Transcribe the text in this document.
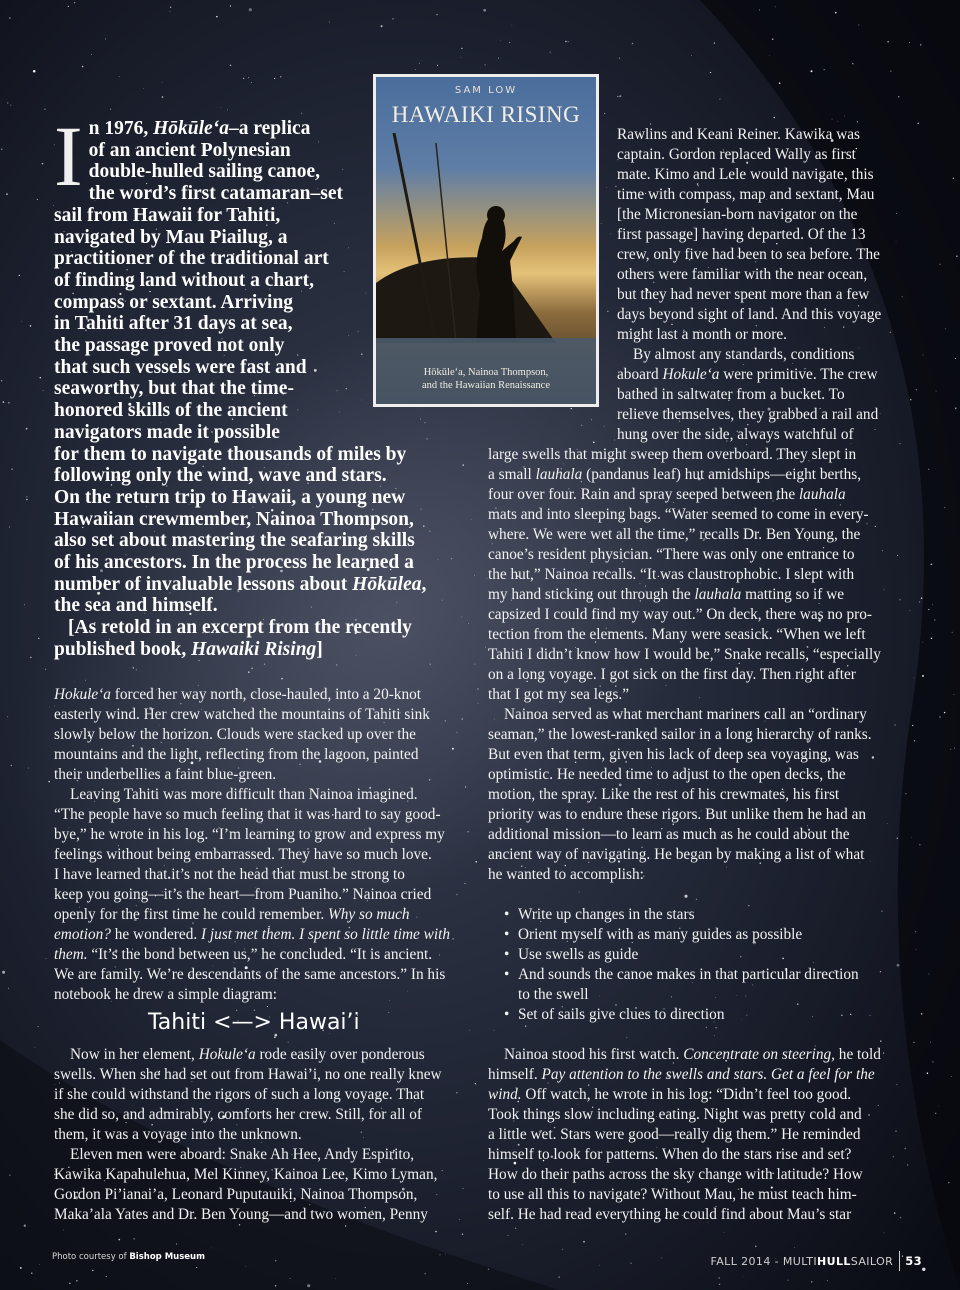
SAM LOW
HAWAIKI RISING
Hōkūle‘a, Nainoa Thompson,
and the Hawaiian Renaissance
I n 1976, Hōkūle‘a–a replica
of an ancient Polynesian
double-hulled sailing canoe,
the word’s first catamaran–set
sail from Hawaii for Tahiti,
navigated by Mau Piailug, a
practitioner of the traditional art
of finding land without a chart,
compass or sextant. Arriving
in Tahiti after 31 days at sea,
the passage proved not only
that such vessels were fast and
seaworthy, but that the time-
honored skills of the ancient
navigators made it possible
for them to navigate thousands of miles by
following only the wind, wave and stars.
On the return trip to Hawaii, a young new
Hawaiian crewmember, Nainoa Thompson,
also set about mastering the seafaring skills
of his ancestors. In the process he learned a
number of invaluable lessons about Hōkūlea,
the sea and himself.
[As retold in an excerpt from the recently
published book, Hawaiki Rising]
Hokule‘a forced her way north, close-hauled, into a 20-knot
easterly wind. Her crew watched the mountains of Tahiti sink
slowly below the horizon. Clouds were stacked up over the
mountains and the light, reflecting from the lagoon, painted
their underbellies a faint blue-green.
Leaving Tahiti was more difficult than Nainoa imagined.
“The people have so much feeling that it was hard to say good-
bye,” he wrote in his log. “I’m learning to grow and express my
feelings without being embarrassed. They have so much love.
I have learned that it’s not the head that must be strong to
keep you going—it’s the heart—from Puaniho.” Nainoa cried
openly for the first time he could remember. Why so much
emotion? he wondered. I just met them. I spent so little time with
them. “It’s the bond between us,” he concluded. “It is ancient.
We are family. We’re descendants of the same ancestors.” In his
notebook he drew a simple diagram:
Tahiti <—> Hawai’i
Now in her element, Hokule‘a rode easily over ponderous
swells. When she had set out from Hawai’i, no one really knew
if she could withstand the rigors of such a long voyage. That
she did so, and admirably, comforts her crew. Still, for all of
them, it was a voyage into the unknown.
Eleven men were aboard: Snake Ah Hee, Andy Espirito,
Kawika Kapahulehua, Mel Kinney, Kainoa Lee, Kimo Lyman,
Gordon Pi’ianai’a, Leonard Puputauiki, Nainoa Thompson,
Maka’ala Yates and Dr. Ben Young—and two women, Penny
Rawlins and Keani Reiner. Kawika was
captain. Gordon replaced Wally as first
mate. Kimo and Lele would navigate, this
time with compass, map and sextant, Mau
[the Micronesian-born navigator on the
first passage] having departed. Of the 13
crew, only five had been to sea before. The
others were familiar with the near ocean,
but they had never spent more than a few
days beyond sight of land. And this voyage
might last a month or more.
By almost any standards, conditions
aboard Hokule‘a were primitive. The crew
bathed in saltwater from a bucket. To
relieve themselves, they grabbed a rail and
hung over the side, always watchful of
large swells that might sweep them overboard. They slept in
a small lauhala (pandanus leaf) hut amidships—eight berths,
four over four. Rain and spray seeped between the lauhala
mats and into sleeping bags. “Water seemed to come in every-
where. We were wet all the time,” recalls Dr. Ben Young, the
canoe’s resident physician. “There was only one entrance to
the hut,” Nainoa recalls. “It was claustrophobic. I slept with
my hand sticking out through the lauhala matting so if we
capsized I could find my way out.” On deck, there was no pro-
tection from the elements. Many were seasick. “When we left
Tahiti I didn’t know how I would be,” Snake recalls, “especially
on a long voyage. I got sick on the first day. Then right after
that I got my sea legs.”
Nainoa served as what merchant mariners call an “ordinary
seaman,” the lowest-ranked sailor in a long hierarchy of ranks.
But even that term, given his lack of deep sea voyaging, was
optimistic. He needed time to adjust to the open decks, the
motion, the spray. Like the rest of his crewmates, his first
priority was to endure these rigors. But unlike them he had an
additional mission—to learn as much as he could about the
ancient way of navigating. He began by making a list of what
he wanted to accomplish:
• Write up changes in the stars
• Orient myself with as many guides as possible
• Use swells as guide
• And sounds the canoe makes in that particular direction
to the swell
• Set of sails give clues to direction
Nainoa stood his first watch. Concentrate on steering, he told
himself. Pay attention to the swells and stars. Get a feel for the
wind. Off watch, he wrote in his log: “Didn’t feel too good.
Took things slow including eating. Night was pretty cold and
a little wet. Stars were good—really dig them.” He reminded
himself to look for patterns. When do the stars rise and set?
How do their paths across the sky change with latitude? How
to use all this to navigate? Without Mau, he must teach him-
self. He had read everything he could find about Mau’s star
Photo courtesy of Bishop Museum	FALL 2014 - MULTIHULLSAILOR 53
